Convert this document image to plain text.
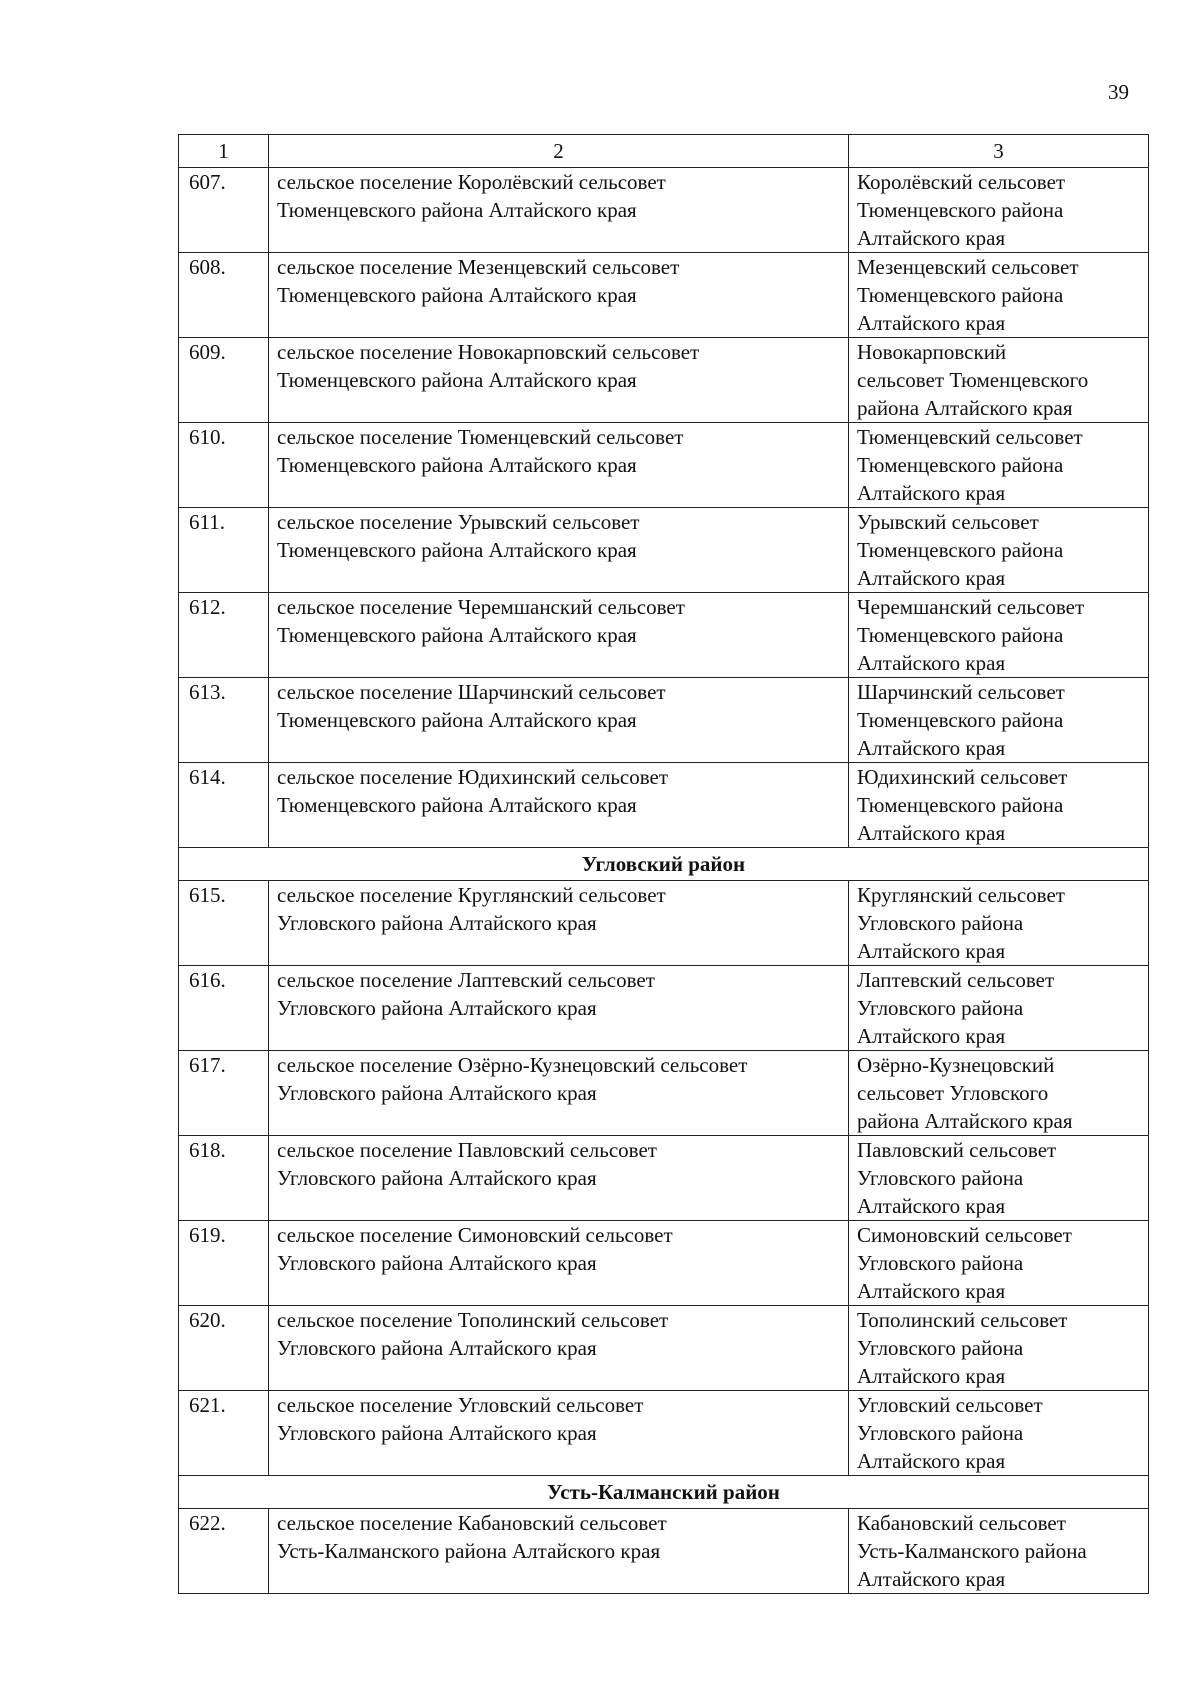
39
1	2	3
607.	сельское поселение Королёвский сельсовет
Тюменцевского района Алтайского края	Королёвский сельсовет
Тюменцевского района
Алтайского края

608.	сельское поселение Мезенцевский сельсовет
Тюменцевского района Алтайского края	Мезенцевский сельсовет
Тюменцевского района
Алтайского края

609.	сельское поселение Новокарповский сельсовет
Тюменцевского района Алтайского края	Новокарповский
сельсовет Тюменцевского
района Алтайского края

610.	сельское поселение Тюменцевский сельсовет
Тюменцевского района Алтайского края	Тюменцевский сельсовет
Тюменцевского района
Алтайского края

611.	сельское поселение Урывский сельсовет
Тюменцевского района Алтайского края	Урывский сельсовет
Тюменцевского района
Алтайского края

612.	сельское поселение Черемшанский сельсовет
Тюменцевского района Алтайского края	Черемшанский сельсовет
Тюменцевского района
Алтайского края

613.	сельское поселение Шарчинский сельсовет
Тюменцевского района Алтайского края	Шарчинский сельсовет
Тюменцевского района
Алтайского края

614.	сельское поселение Юдихинский сельсовет
Тюменцевского района Алтайского края	Юдихинский сельсовет
Тюменцевского района
Алтайского края

Угловский район		
615.	сельское поселение Круглянский сельсовет
Угловского района Алтайского края	Круглянский сельсовет
Угловского района
Алтайского края

616.	сельское поселение Лаптевский сельсовет
Угловского района Алтайского края	Лаптевский сельсовет
Угловского района
Алтайского края

617.	сельское поселение Озёрно-Кузнецовский сельсовет
Угловского района Алтайского края	Озёрно-Кузнецовский
сельсовет Угловского
района Алтайского края

618.	сельское поселение Павловский сельсовет
Угловского района Алтайского края	Павловский сельсовет
Угловского района
Алтайского края

619.	сельское поселение Симоновский сельсовет
Угловского района Алтайского края	Симоновский сельсовет
Угловского района
Алтайского края

620.	сельское поселение Тополинский сельсовет
Угловского района Алтайского края	Тополинский сельсовет
Угловского района
Алтайского края

621.	сельское поселение Угловский сельсовет
Угловского района Алтайского края	Угловский сельсовет
Угловского района
Алтайского края

Усть-Калманский район		
622.	сельское поселение Кабановский сельсовет
Усть-Калманского района Алтайского края	Кабановский сельсовет
Усть-Калманского района
Алтайского края
